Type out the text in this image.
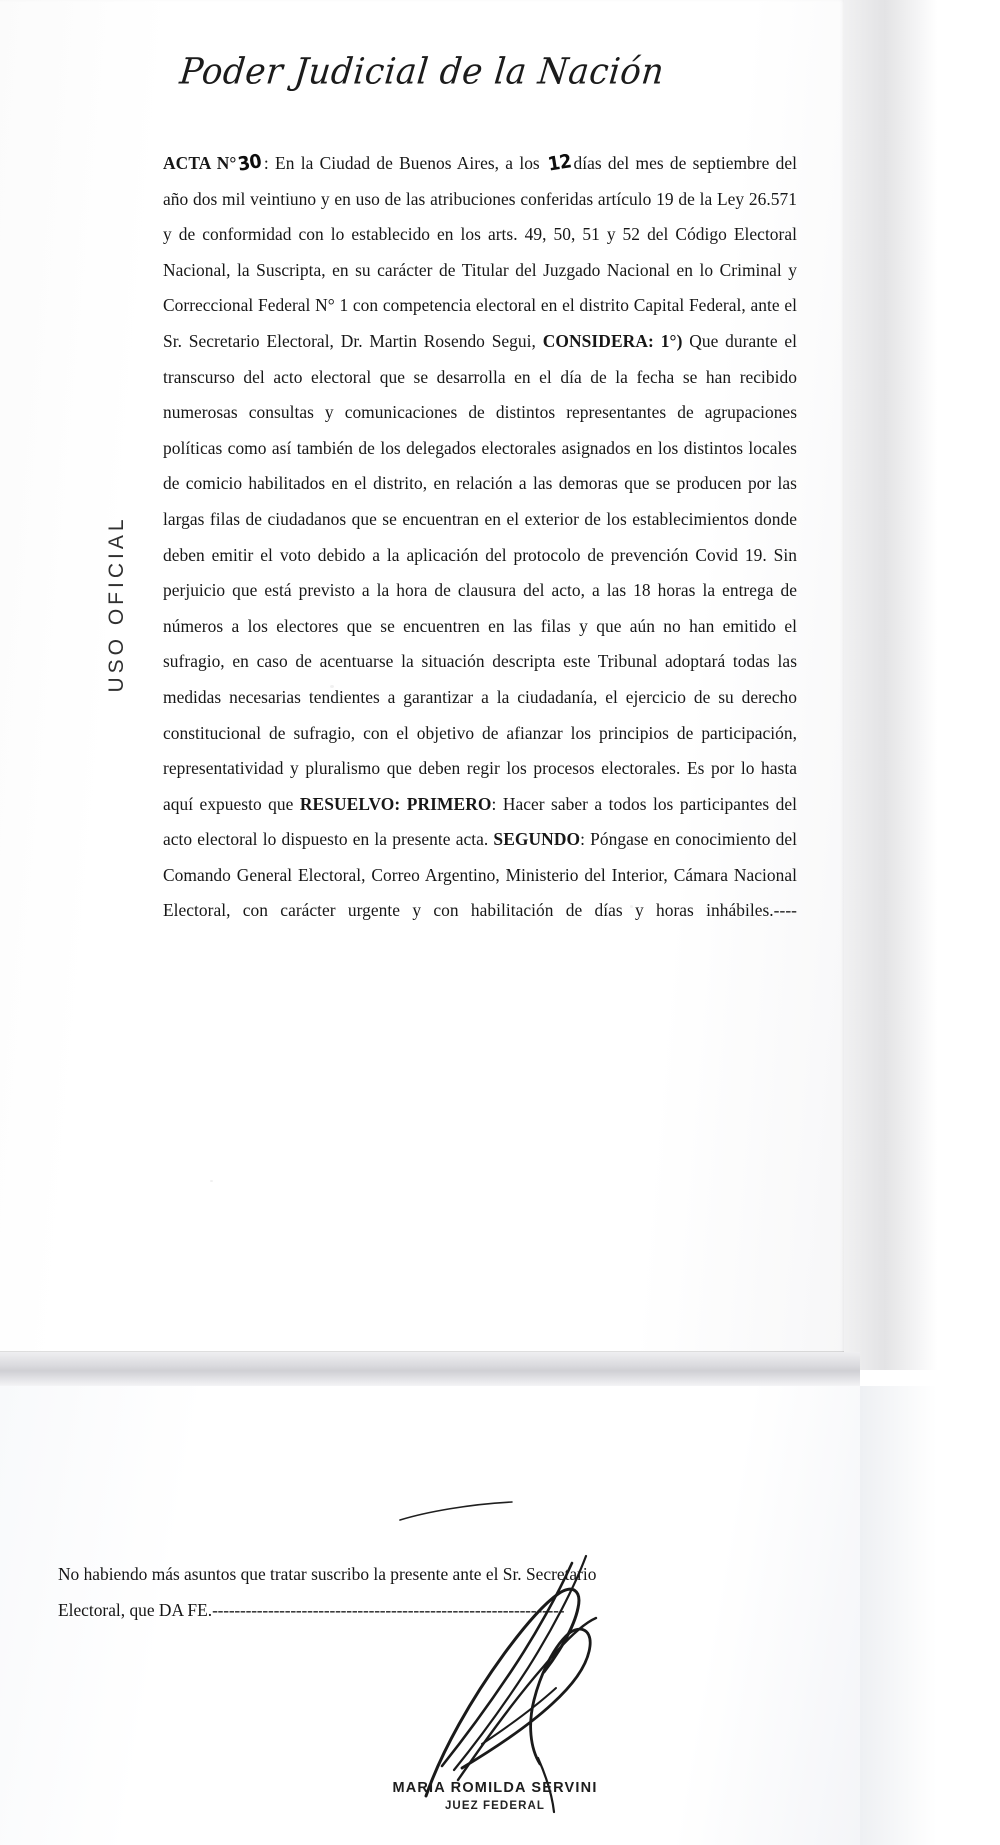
Poder Judicial de la Nación
USO OFICIAL
ACTA N°30: En la Ciudad de Buenos Aires, a los 12días del mes de septiembre del año dos mil veintiuno y en uso de las atribuciones conferidas artículo 19 de la Ley 26.571 y de conformidad con lo establecido en los arts. 49, 50, 51 y 52 del Código Electoral Nacional, la Suscripta, en su carácter de Titular del Juzgado Nacional en lo Criminal y Correccional Federal N° 1 con competencia electoral en el distrito Capital Federal, ante el Sr. Secretario Electoral, Dr. Martin Rosendo Segui, CONSIDERA: 1°) Que durante el transcurso del acto electoral que se desarrolla en el día de la fecha se han recibido numerosas consultas y comunicaciones de distintos representantes de agrupaciones políticas como así también de los delegados electorales asignados en los distintos locales de comicio habilitados en el distrito, en relación a las demoras que se producen por las largas filas de ciudadanos que se encuentran en el exterior de los establecimientos donde deben emitir el voto debido a la aplicación del protocolo de prevención Covid 19. Sin perjuicio que está previsto a la hora de clausura del acto, a las 18 horas la entrega de números a los electores que se encuentren en las filas y que aún no han emitido el sufragio, en caso de acentuarse la situación descripta este Tribunal adoptará todas las medidas necesarias tendientes a garantizar a la ciudadanía, el ejercicio de su derecho constitucional de sufragio, con el objetivo de afianzar los principios de participación, representatividad y pluralismo que deben regir los procesos electorales. Es por lo hasta aquí expuesto que RESUELVO: PRIMERO: Hacer saber a todos los participantes del acto electoral lo dispuesto en la presente acta. SEGUNDO: Póngase en conocimiento del Comando General Electoral, Correo Argentino, Ministerio del Interior, Cámara Nacional Electoral, con carácter urgente y con habilitación de días y horas inhábiles.----
No habiendo más asuntos que tratar suscribo la presente ante el Sr. Secretario
Electoral, que DA FE.---------------------------------------------------------------
MARIA ROMILDA SERVINI
JUEZ FEDERAL
